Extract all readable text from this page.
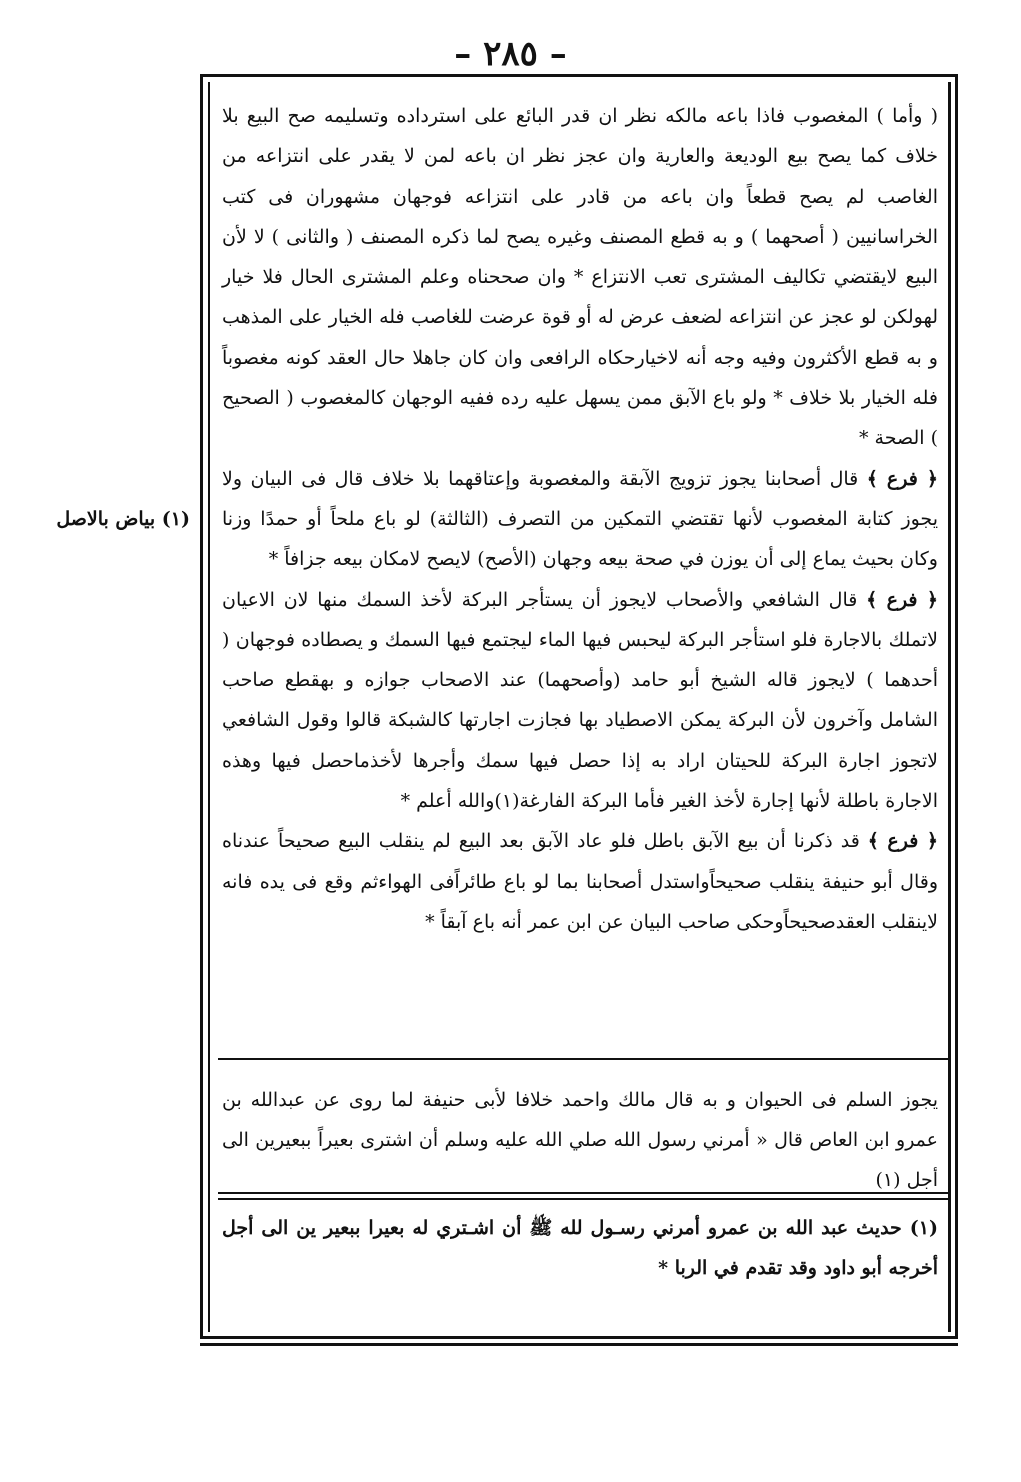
– ٢٨٥ –
(١) بياض بالاصل

( وأما ) المغصوب فاذا باعه مالكه نظر ان قدر البائع على استرداده وتسليمه صح البيع بلا خلاف كما يصح بيع الوديعة والعارية وان عجز نظر ان باعه لمن لا يقدر على انتزاعه من الغاصب لم يصح قطعاً وان باعه من قادر على انتزاعه فوجهان مشهوران فى كتب الخراسانيين ( أصحهما ) و به قطع المصنف وغيره يصح لما ذكره المصنف ( والثانى ) لا لأن البيع لايقتضي تكاليف المشترى تعب الانتزاع * وان صححناه وعلم المشترى الحال فلا خيار لهولكن لو عجز عن انتزاعه لضعف عرض له أو قوة عرضت للغاصب فله الخيار على المذهب و به قطع الأكثرون وفيه وجه أنه لاخيارحكاه الرافعى وان كان جاهلا حال العقد كونه مغصوباً فله الخيار بلا خلاف * ولو باع الآبق ممن يسهل عليه رده ففيه الوجهان كالمغصوب ( الصحيح ) الصحة *

﴿ فرع ﴾ قال أصحابنا يجوز تزويج الآبقة والمغصوبة وإعتاقهما بلا خلاف قال فى البيان ولا يجوز كتابة المغصوب لأنها تقتضي التمكين من التصرف (الثالثة) لو باع ملحاً أو حمدًا وزنا وكان بحيث يماع إلى أن يوزن في صحة بيعه وجهان (الأصح) لايصح لامكان بيعه جزافاً *

﴿ فرع ﴾ قال الشافعي والأصحاب لايجوز أن يستأجر البركة لأخذ السمك منها لان الاعيان لاتملك بالاجارة فلو استأجر البركة ليحبس فيها الماء ليجتمع فيها السمك و يصطاده فوجهان ( أحدهما ) لايجوز قاله الشيخ أبو حامد (وأصحهما) عند الاصحاب جوازه و بهقطع صاحب الشامل وآخرون لأن البركة يمكن الاصطياد بها فجازت اجارتها كالشبكة قالوا وقول الشافعي لاتجوز اجارة البركة للحيتان اراد به إذا حصل فيها سمك وأجرها لأخذماحصل فيها وهذه الاجارة باطلة لأنها إجارة لأخذ الغير فأما البركة الفارغة(١)والله أعلم *

﴿ فرع ﴾ قد ذكرنا أن بيع الآبق باطل فلو عاد الآبق بعد البيع لم ينقلب البيع صحيحاً عندناه وقال أبو حنيفة ينقلب صحيحاًواستدل أصحابنا بما لو باع طائراًفى الهواءثم وقع فى يده فانه لاينقلب العقدصحيحاًوحكى صاحب البيان عن ابن عمر أنه باع آبقاً *

يجوز السلم فى الحيوان و به قال مالك واحمد خلافا لأبى حنيفة لما روى عن عبدالله بن عمرو ابن العاص قال « أمرني رسول الله صلي الله عليه وسلم أن اشترى بعيراً ببعيرين الى أجل (١)
(١) حديث عبد الله بن عمرو أمرني رسـول لله ﷺ أن اشـتري له بعيرا ببعير ين الى أجل أخرجه أبو داود وقد تقدم في الربا *
